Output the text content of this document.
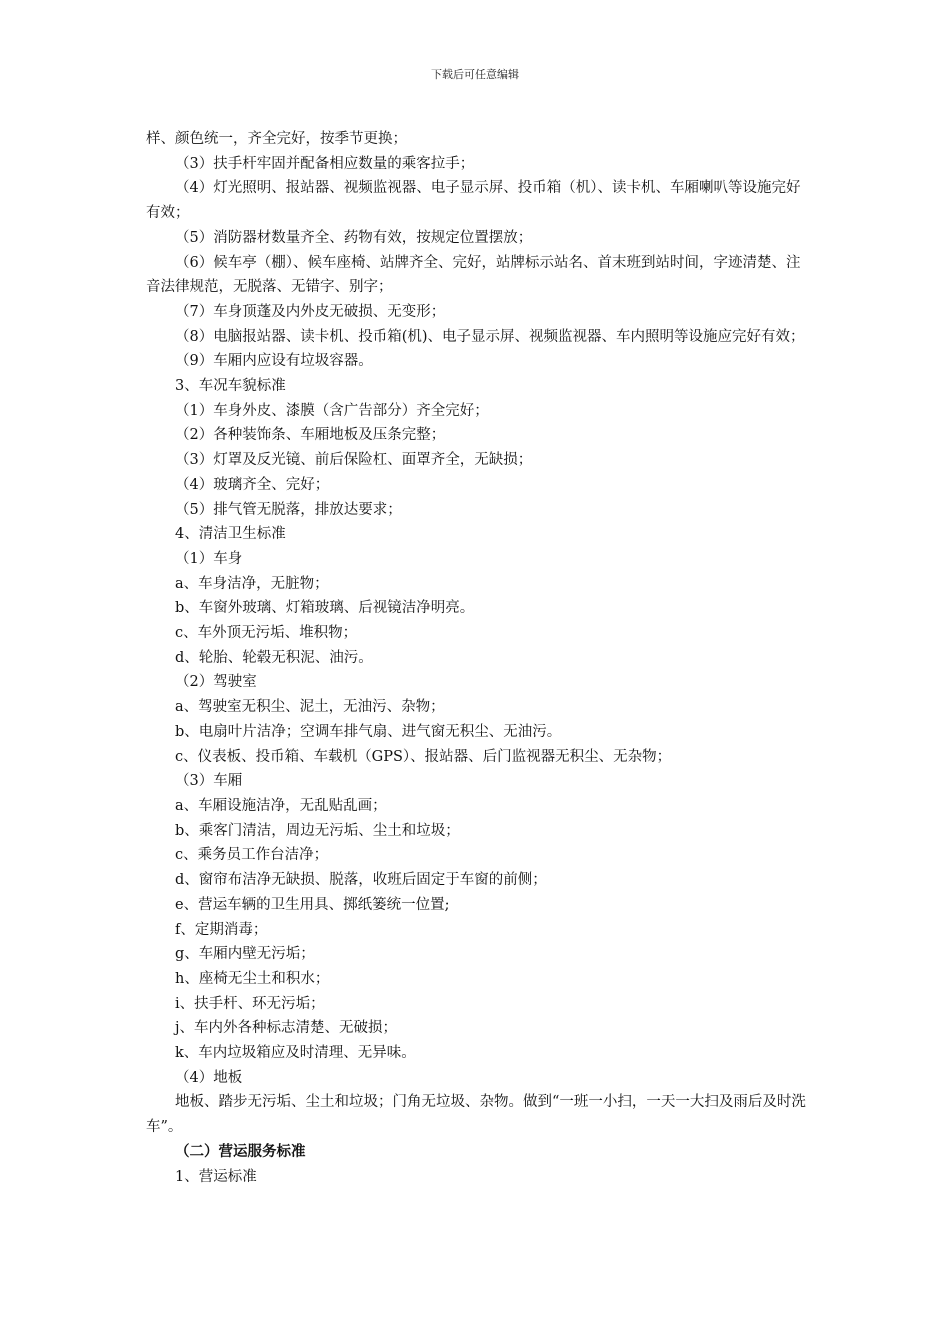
下载后可任意编辑

样、颜色统一，齐全完好，按季节更换；

（3）扶手杆牢固并配备相应数量的乘客拉手；

（4）灯光照明、报站器、视频监视器、电子显示屏、投币箱（机）、读卡机、车厢喇叭等设施完好有效；

（5）消防器材数量齐全、药物有效，按规定位置摆放；

（6）候车亭（棚）、候车座椅、站牌齐全、完好，站牌标示站名、首末班到站时间，字迹清楚、注音法律规范，无脱落、无错字、别字；

（7）车身顶蓬及内外皮无破损、无变形；

（8）电脑报站器、读卡机、投币箱(机)、电子显示屏、视频监视器、车内照明等设施应完好有效；

（9）车厢内应设有垃圾容器。

3、车况车貌标准

（1）车身外皮、漆膜（含广告部分）齐全完好；

（2）各种装饰条、车厢地板及压条完整；

（3）灯罩及反光镜、前后保险杠、面罩齐全，无缺损；

（4）玻璃齐全、完好；

（5）排气管无脱落，排放达要求；

4、清洁卫生标准

（1）车身

a、车身洁净，无脏物；

b、车窗外玻璃、灯箱玻璃、后视镜洁净明亮。

c、车外顶无污垢、堆积物；

d、轮胎、轮毂无积泥、油污。

（2）驾驶室

a、驾驶室无积尘、泥土，无油污、杂物；

b、电扇叶片洁净；空调车排气扇、进气窗无积尘、无油污。

c、仪表板、投币箱、车载机（GPS）、报站器、后门监视器无积尘、无杂物；

（3）车厢

a、车厢设施洁净，无乱贴乱画；

b、乘客门清洁，周边无污垢、尘土和垃圾；

c、乘务员工作台洁净；

d、窗帘布洁净无缺损、脱落，收班后固定于车窗的前侧；

e、营运车辆的卫生用具、掷纸篓统一位置;

f、定期消毒；

g、车厢内壁无污垢；

h、座椅无尘土和积水；

i、扶手杆、环无污垢；

j、车内外各种标志清楚、无破损；

k、车内垃圾箱应及时清理、无异味。

（4）地板

地板、踏步无污垢、尘土和垃圾；门角无垃圾、杂物。做到“一班一小扫，一天一大扫及雨后及时洗车”。

（二）营运服务标准

1、营运标准
